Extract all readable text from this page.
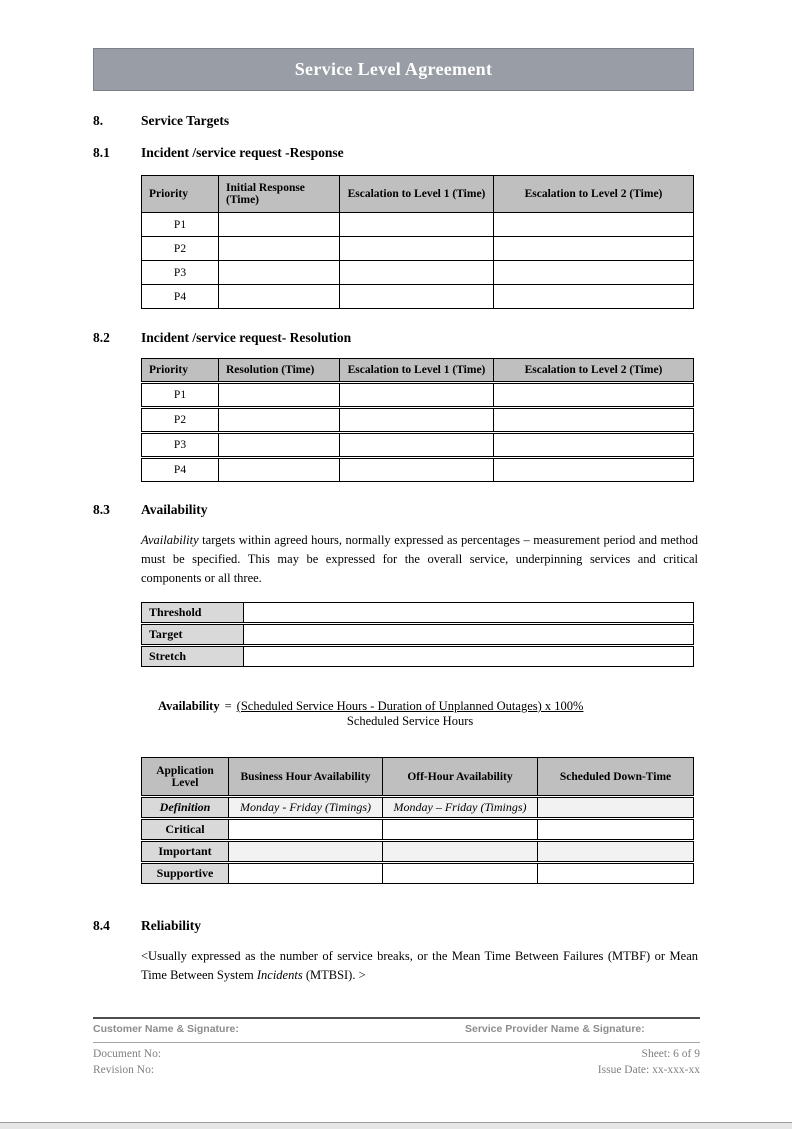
Service Level Agreement
8.	Service Targets
8.1	Incident /service request -Response
Priority	Initial Response (Time)	Escalation to Level 1 (Time)	Escalation to Level 2 (Time)
P1			
P2			
P3			
P4			
8.2	Incident /service request- Resolution
Priority	Resolution (Time)	Escalation to Level 1 (Time)	Escalation to Level 2 (Time)
P1			
P2			
P3			
P4			
8.3	Availability

Availability targets within agreed hours, normally expressed as percentages – measurement period and method must be specified. This may be expressed for the overall service, underpinning services and critical components or all three.

Threshold	
Target	
Stretch	
Availability = (Scheduled Service Hours - Duration of Unplanned Outages) x 100%
Scheduled Service Hours
Application Level	Business Hour Availability	Off-Hour Availability	Scheduled Down-Time
Definition	Monday - Friday (Timings)	Monday – Friday (Timings)	
Critical			
Important			
Supportive			
8.4	Reliability

<Usually expressed as the number of service breaks, or the Mean Time Between Failures (MTBF) or Mean Time Between System Incidents (MTBSI). >

Customer Name & Signature:	Service Provider Name & Signature:
Document No:
Revision No:
Sheet: 6 of 9
Issue Date: xx-xxx-xx
